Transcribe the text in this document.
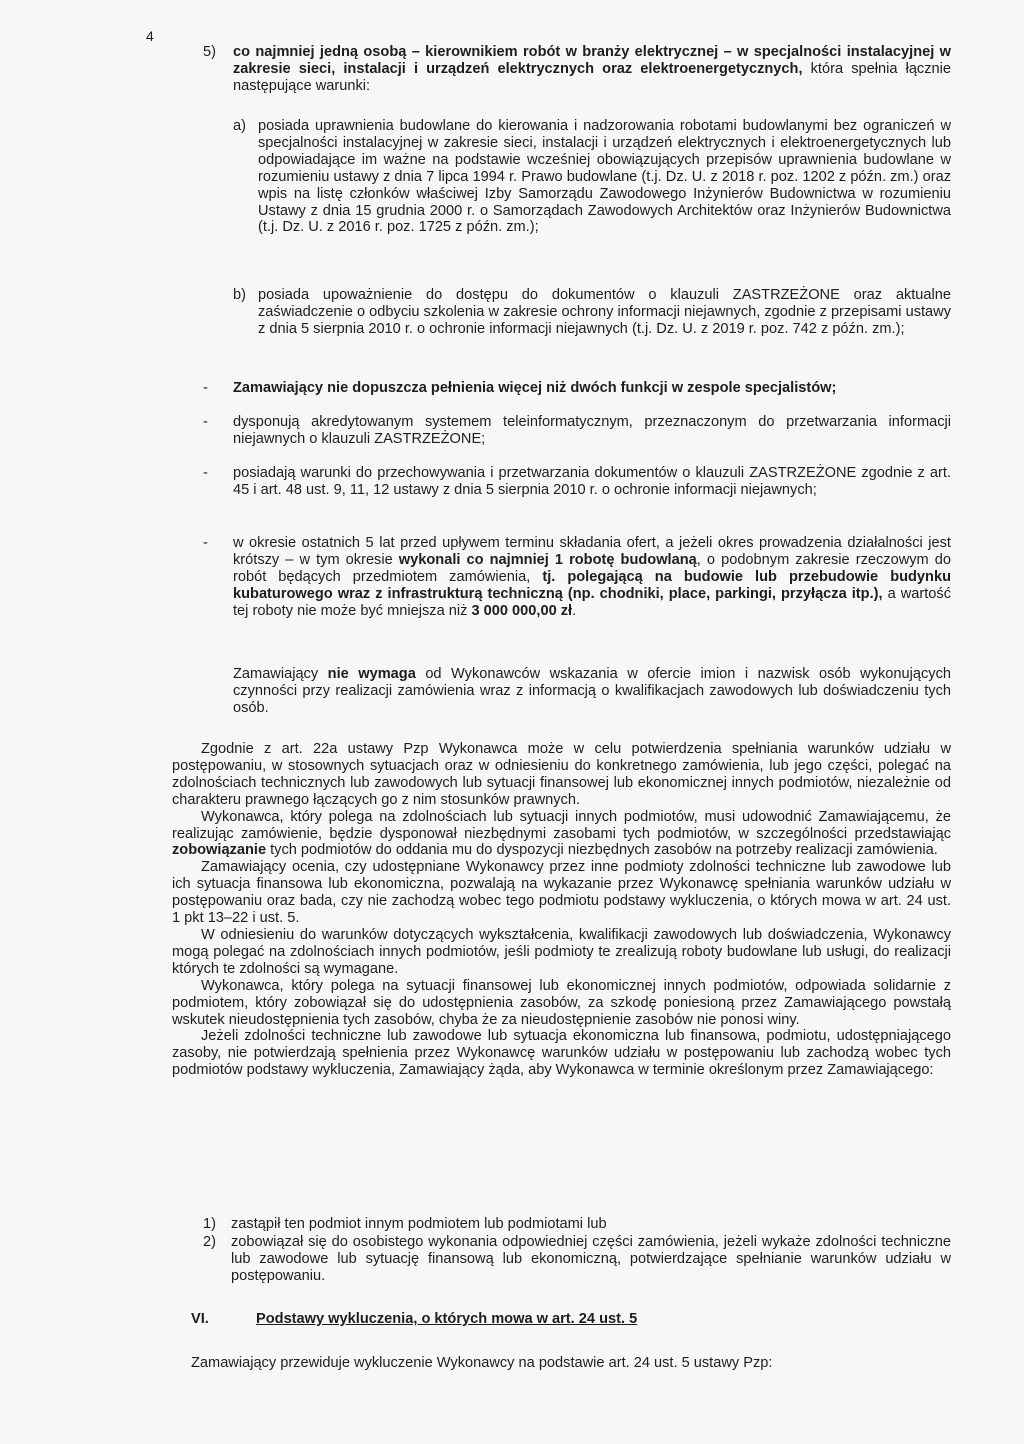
4
5) co najmniej jedną osobą – kierownikiem robót w branży elektrycznej – w specjalności instalacyjnej w zakresie sieci, instalacji i urządzeń elektrycznych oraz elektroenergetycznych, która spełnia łącznie następujące warunki:

a) posiada uprawnienia budowlane do kierowania i nadzorowania robotami budowlanymi bez ograniczeń w specjalności instalacyjnej w zakresie sieci, instalacji i urządzeń elektrycznych i elektroenergetycznych lub odpowiadające im ważne na podstawie wcześniej obowiązujących przepisów uprawnienia budowlane w rozumieniu ustawy z dnia 7 lipca 1994 r. Prawo budowlane (t.j. Dz. U. z 2018 r. poz. 1202 z późn. zm.) oraz wpis na listę członków właściwej Izby Samorządu Zawodowego Inżynierów Budownictwa w rozumieniu Ustawy z dnia 15 grudnia 2000 r. o Samorządach Zawodowych Architektów oraz Inżynierów Budownictwa (t.j. Dz. U. z 2016 r. poz. 1725 z późn. zm.);
b) posiada upoważnienie do dostępu do dokumentów o klauzuli ZASTRZEŻONE oraz aktualne zaświadczenie o odbyciu szkolenia w zakresie ochrony informacji niejawnych, zgodnie z przepisami ustawy z dnia 5 sierpnia 2010 r. o ochronie informacji niejawnych (t.j. Dz. U. z 2019 r. poz. 742 z późn. zm.);
- Zamawiający nie dopuszcza pełnienia więcej niż dwóch funkcji w zespole specjalistów;

- dysponują akredytowanym systemem teleinformatycznym, przeznaczonym do przetwarzania informacji niejawnych o klauzuli ZASTRZEŻONE;
- posiadają warunki do przechowywania i przetwarzania dokumentów o klauzuli ZASTRZEŻONE zgodnie z art. 45 i art. 48 ust. 9, 11, 12 ustawy z dnia 5 sierpnia 2010 r. o ochronie informacji niejawnych;
- w okresie ostatnich 5 lat przed upływem terminu składania ofert, a jeżeli okres prowadzenia działalności jest krótszy – w tym okresie wykonali co najmniej 1 robotę budowlaną, o podobnym zakresie rzeczowym do robót będących przedmiotem zamówienia, tj. polegającą na budowie lub przebudowie budynku kubaturowego wraz z infrastrukturą techniczną (np. chodniki, place, parkingi, przyłącza itp.), a wartość tej roboty nie może być mniejsza niż 3 000 000,00 zł.

Zamawiający nie wymaga od Wykonawców wskazania w ofercie imion i nazwisk osób wykonujących czynności przy realizacji zamówienia wraz z informacją o kwalifikacjach zawodowych lub doświadczeniu tych osób.

Zgodnie z art. 22a ustawy Pzp Wykonawca może w celu potwierdzenia spełniania warunków udziału w postępowaniu, w stosownych sytuacjach oraz w odniesieniu do konkretnego zamówienia, lub jego części, polegać na zdolnościach technicznych lub zawodowych lub sytuacji finansowej lub ekonomicznej innych podmiotów, niezależnie od charakteru prawnego łączących go z nim stosunków prawnych.

Wykonawca, który polega na zdolnościach lub sytuacji innych podmiotów, musi udowodnić Zamawiającemu, że realizując zamówienie, będzie dysponował niezbędnymi zasobami tych podmiotów, w szczególności przedstawiając zobowiązanie tych podmiotów do oddania mu do dyspozycji niezbędnych zasobów na potrzeby realizacji zamówienia.

Zamawiający ocenia, czy udostępniane Wykonawcy przez inne podmioty zdolności techniczne lub zawodowe lub ich sytuacja finansowa lub ekonomiczna, pozwalają na wykazanie przez Wykonawcę spełniania warunków udziału w postępowaniu oraz bada, czy nie zachodzą wobec tego podmiotu podstawy wykluczenia, o których mowa w art. 24 ust. 1 pkt 13–22 i ust. 5.

W odniesieniu do warunków dotyczących wykształcenia, kwalifikacji zawodowych lub doświadczenia, Wykonawcy mogą polegać na zdolnościach innych podmiotów, jeśli podmioty te zrealizują roboty budowlane lub usługi, do realizacji których te zdolności są wymagane.

Wykonawca, który polega na sytuacji finansowej lub ekonomicznej innych podmiotów, odpowiada solidarnie z podmiotem, który zobowiązał się do udostępnienia zasobów, za szkodę poniesioną przez Zamawiającego powstałą wskutek nieudostępnienia tych zasobów, chyba że za nieudostępnienie zasobów nie ponosi winy.

Jeżeli zdolności techniczne lub zawodowe lub sytuacja ekonomiczna lub finansowa, podmiotu, udostępniającego zasoby, nie potwierdzają spełnienia przez Wykonawcę warunków udziału w postępowaniu lub zachodzą wobec tych podmiotów podstawy wykluczenia, Zamawiający żąda, aby Wykonawca w terminie określonym przez Zamawiającego:

1) zastąpił ten podmiot innym podmiotem lub podmiotami lub
2) zobowiązał się do osobistego wykonania odpowiedniej części zamówienia, jeżeli wykaże zdolności techniczne lub zawodowe lub sytuację finansową lub ekonomiczną, potwierdzające spełnianie warunków udziału w postępowaniu.
VI.	Podstawy wykluczenia, o których mowa w art. 24 ust. 5
Zamawiający przewiduje wykluczenie Wykonawcy na podstawie art. 24 ust. 5 ustawy Pzp:
